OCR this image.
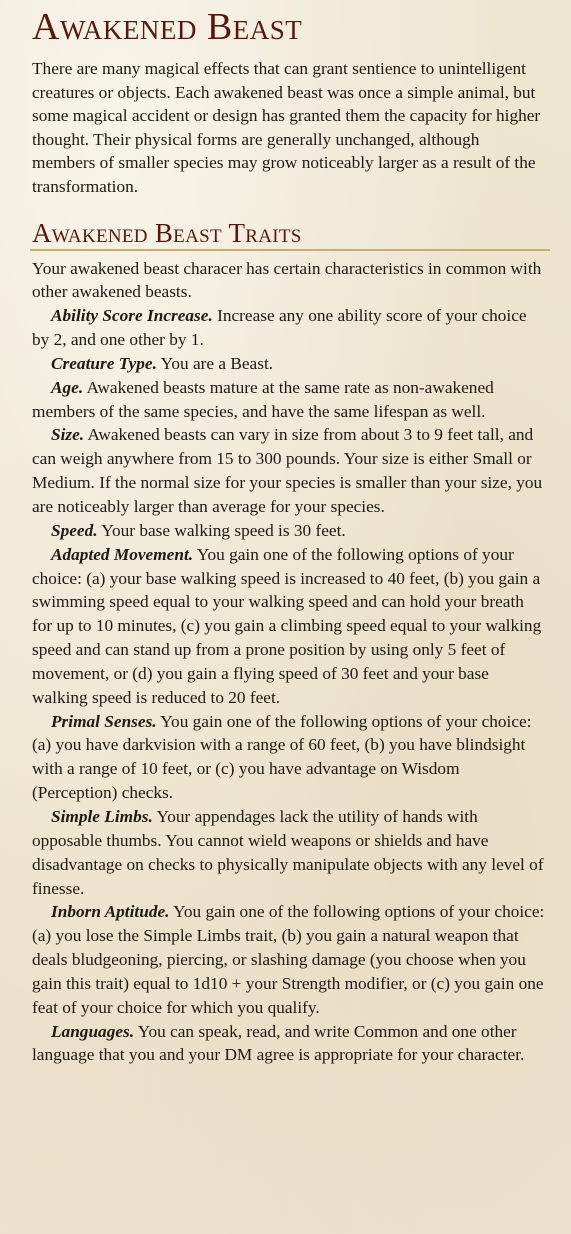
Awakened Beast

There are many magical effects that can grant sentience to unintelligent creatures or objects. Each awakened beast was once a simple animal, but some magical accident or design has granted them the capacity for higher thought. Their physical forms are generally unchanged, although members of smaller species may grow noticeably larger as a result of the transformation.

Awakened Beast Traits

Your awakened beast characer has certain characteristics in common with other awakened beasts.

Ability Score Increase. Increase any one ability score of your choice by 2, and one other by 1.

Creature Type. You are a Beast.

Age. Awakened beasts mature at the same rate as non-awakened members of the same species, and have the same lifespan as well.

Size. Awakened beasts can vary in size from about 3 to 9 feet tall, and can weigh anywhere from 15 to 300 pounds. Your size is either Small or Medium. If the normal size for your species is smaller than your size, you are noticeably larger than average for your species.

Speed. Your base walking speed is 30 feet.

Adapted Movement. You gain one of the following options of your choice: (a) your base walking speed is increased to 40 feet, (b) you gain a swimming speed equal to your walking speed and can hold your breath for up to 10 minutes, (c) you gain a climbing speed equal to your walking speed and can stand up from a prone position by using only 5 feet of movement, or (d) you gain a flying speed of 30 feet and your base walking speed is reduced to 20 feet.

Primal Senses. You gain one of the following options of your choice: (a) you have darkvision with a range of 60 feet, (b) you have blindsight with a range of 10 feet, or (c) you have advantage on Wisdom (Perception) checks.

Simple Limbs. Your appendages lack the utility of hands with opposable thumbs. You cannot wield weapons or shields and have disadvantage on checks to physically manipulate objects with any level of finesse.

Inborn Aptitude. You gain one of the following options of your choice: (a) you lose the Simple Limbs trait, (b) you gain a natural weapon that deals bludgeoning, piercing, or slashing damage (you choose when you gain this trait) equal to 1d10 + your Strength modifier, or (c) you gain one feat of your choice for which you qualify.

Languages. You can speak, read, and write Common and one other language that you and your DM agree is appropriate for your character.
